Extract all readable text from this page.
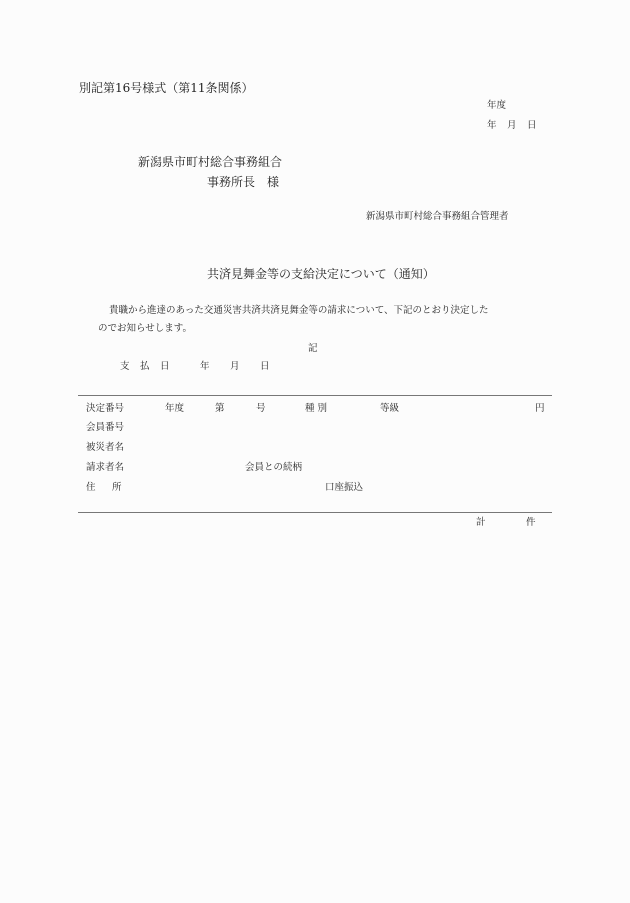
別記第16号様式（第11条関係）
年度
年 月 日
新潟県市町村総合事務組合
事務所長　様
新潟県市町村総合事務組合管理者
共済見舞金等の支給決定について（通知）
貴職から進達のあった交通災害共済共済見舞金等の請求について、下記のとおり決定した
のでお知らせします。
記
支 払 日	年 月 日
決定番号	年度	第	号	種 別	等級	円
会員番号
被災者名
請求者名	会員との続柄
住 所	口座振込
計	件
